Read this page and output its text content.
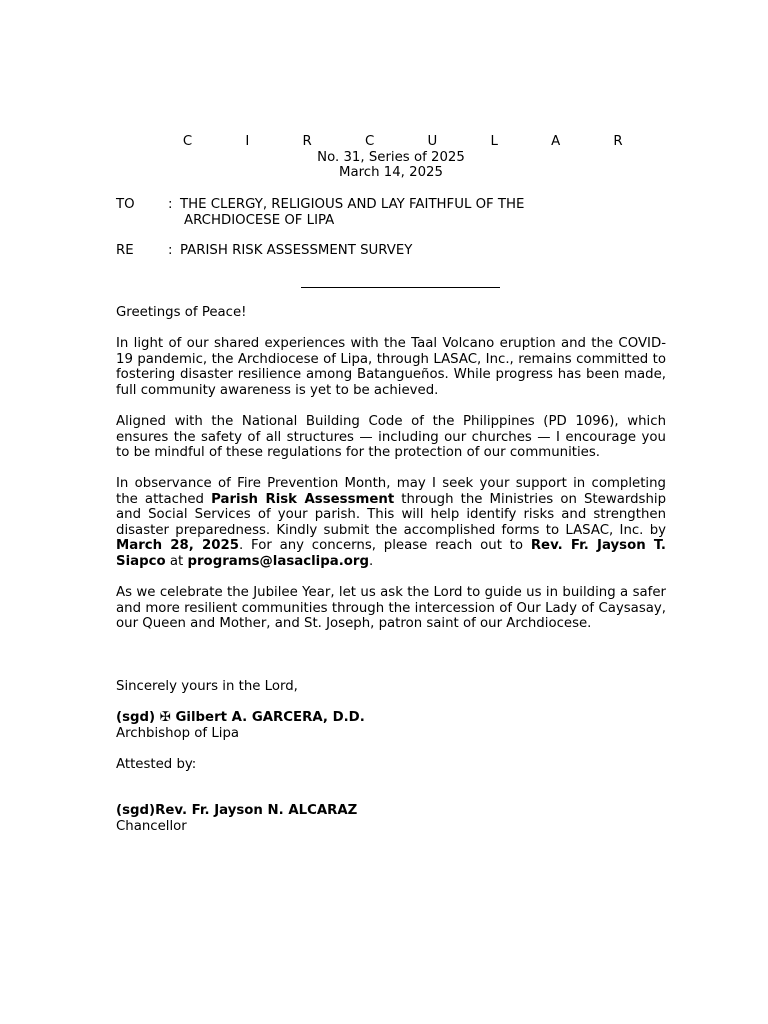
C I R C U L A R
No. 31, Series of 2025
March 14, 2025
TO	: THE CLERGY, RELIGIOUS AND LAY FAITHFUL OF THE
ARCHDIOCESE OF LIPA
RE	: PARISH RISK ASSESSMENT SURVEY
Greetings of Peace!
In light of our shared experiences with the Taal Volcano eruption and the COVID-19 pandemic, the Archdiocese of Lipa, through LASAC, Inc., remains committed to fostering disaster resilience among Batangueños. While progress has been made, full community awareness is yet to be achieved.
Aligned with the National Building Code of the Philippines (PD 1096), which ensures the safety of all structures — including our churches — I encourage you to be mindful of these regulations for the protection of our communities.
In observance of Fire Prevention Month, may I seek your support in completing the attached Parish Risk Assessment through the Ministries on Stewardship and Social Services of your parish. This will help identify risks and strengthen disaster preparedness. Kindly submit the accomplished forms to LASAC, Inc. by March 28, 2025. For any concerns, please reach out to Rev. Fr. Jayson T. Siapco at programs@lasaclipa.org.
As we celebrate the Jubilee Year, let us ask the Lord to guide us in building a safer and more resilient communities through the intercession of Our Lady of Caysasay, our Queen and Mother, and St. Joseph, patron saint of our Archdiocese.
Sincerely yours in the Lord,
(sgd) ✠ Gilbert A. GARCERA, D.D.
Archbishop of Lipa
Attested by:
(sgd)Rev. Fr. Jayson N. ALCARAZ
Chancellor
